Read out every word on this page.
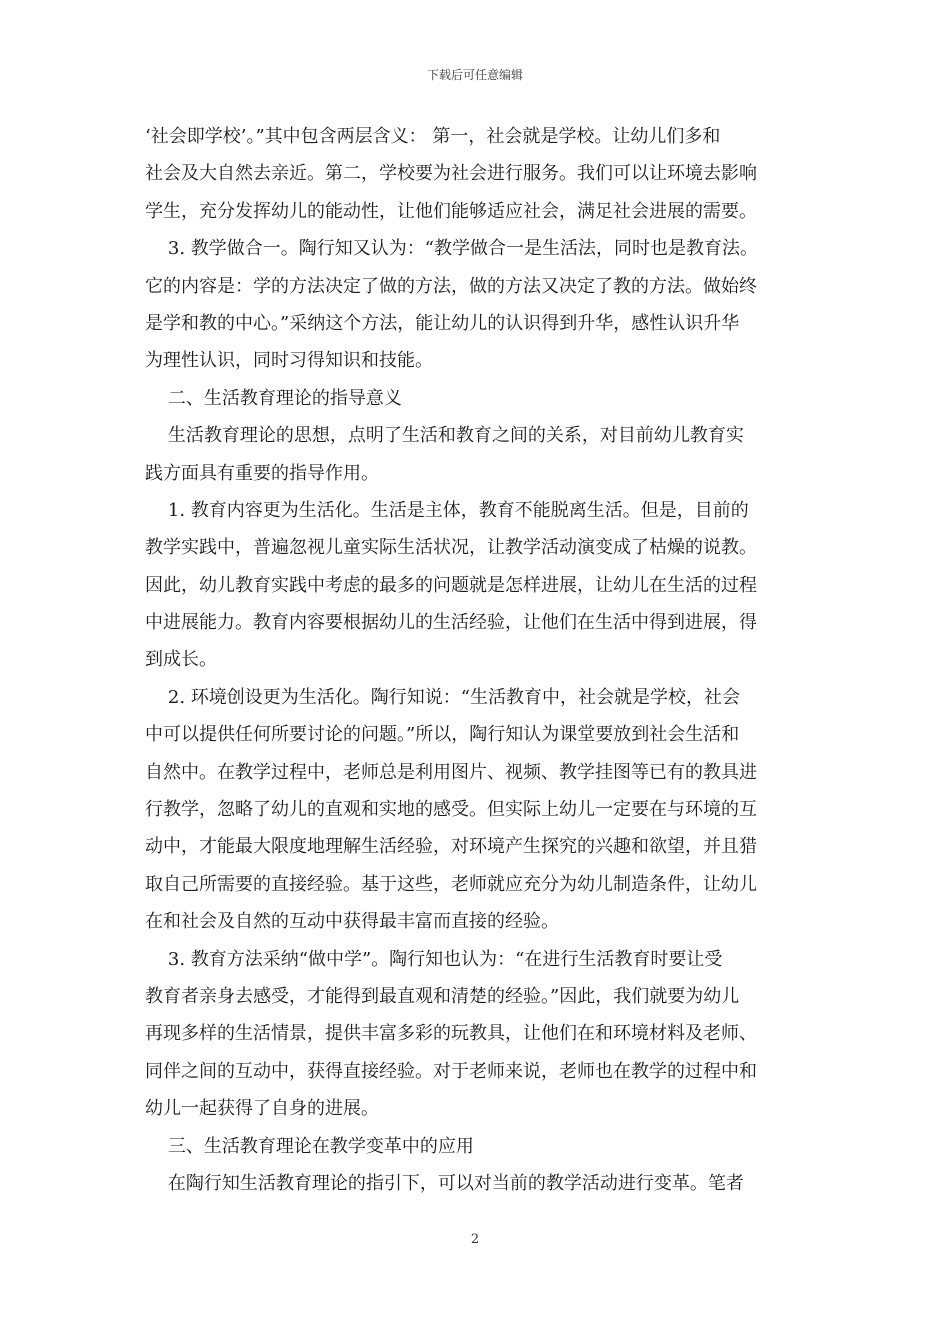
下载后可任意编辑
‘社会即学校’。”其中包含两层含义： 第一，社会就是学校。让幼儿们多和
社会及大自然去亲近。第二，学校要为社会进行服务。我们可以让环境去影响
学生，充分发挥幼儿的能动性，让他们能够适应社会，满足社会进展的需要。
3. 教学做合一。陶行知又认为：“教学做合一是生活法，同时也是教育法。
它的内容是：学的方法决定了做的方法，做的方法又决定了教的方法。做始终
是学和教的中心。”采纳这个方法，能让幼儿的认识得到升华，感性认识升华
为理性认识，同时习得知识和技能。
二、生活教育理论的指导意义
生活教育理论的思想，点明了生活和教育之间的关系，对目前幼儿教育实
践方面具有重要的指导作用。
1. 教育内容更为生活化。生活是主体，教育不能脱离生活。但是，目前的
教学实践中，普遍忽视儿童实际生活状况，让教学活动演变成了枯燥的说教。
因此，幼儿教育实践中考虑的最多的问题就是怎样进展，让幼儿在生活的过程
中进展能力。教育内容要根据幼儿的生活经验，让他们在生活中得到进展，得
到成长。
2. 环境创设更为生活化。陶行知说：“生活教育中，社会就是学校，社会
中可以提供任何所要讨论的问题。”所以，陶行知认为课堂要放到社会生活和
自然中。在教学过程中，老师总是利用图片、视频、教学挂图等已有的教具进
行教学，忽略了幼儿的直观和实地的感受。但实际上幼儿一定要在与环境的互
动中，才能最大限度地理解生活经验，对环境产生探究的兴趣和欲望，并且猎
取自己所需要的直接经验。基于这些，老师就应充分为幼儿制造条件，让幼儿
在和社会及自然的互动中获得最丰富而直接的经验。
3. 教育方法采纳“做中学”。陶行知也认为：“在进行生活教育时要让受
教育者亲身去感受，才能得到最直观和清楚的经验。”因此，我们就要为幼儿
再现多样的生活情景，提供丰富多彩的玩教具，让他们在和环境材料及老师、
同伴之间的互动中，获得直接经验。对于老师来说，老师也在教学的过程中和
幼儿一起获得了自身的进展。
三、生活教育理论在教学变革中的应用
在陶行知生活教育理论的指引下，可以对当前的教学活动进行变革。笔者
2
